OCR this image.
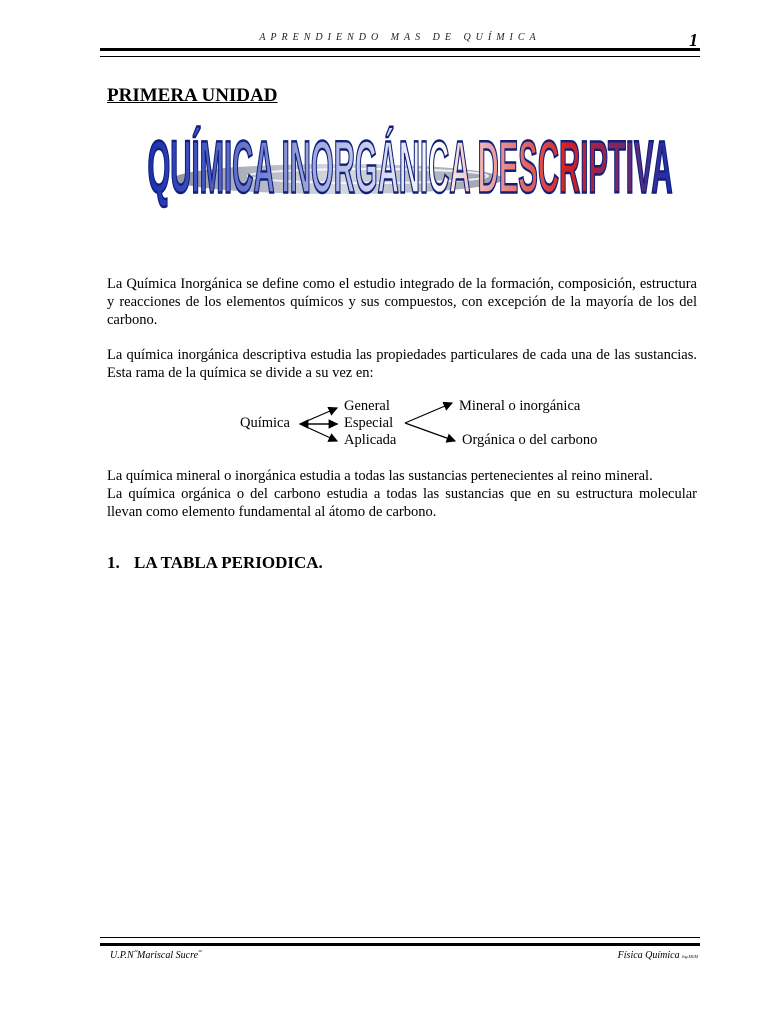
APRENDIENDO MAS DE QUÍMICA	1
PRIMERA UNIDAD
QUÍMICA INORGÁNICA DESCRIPTIVA

La Química Inorgánica se define como el estudio integrado de la formación, composición, estructura y reacciones de los elementos químicos y sus compuestos, con excepción de la mayoría de los del carbono.

La química inorgánica descriptiva estudia las propiedades particulares de cada una de las sustancias. Esta rama de la química se divide a su vez en:

Química
General
Especial
Aplicada
Mineral o inorgánica
Orgánica o del carbono
La química mineral o inorgánica estudia a todas las sustancias pertenecientes al reino mineral.
La química orgánica o del carbono estudia a todas las sustancias que en su estructura molecular llevan como elemento fundamental al átomo de carbono.
1. LA TABLA PERIODICA.
U.P.N˝Mariscal Sucre˝	Física Química Ing.MGM
